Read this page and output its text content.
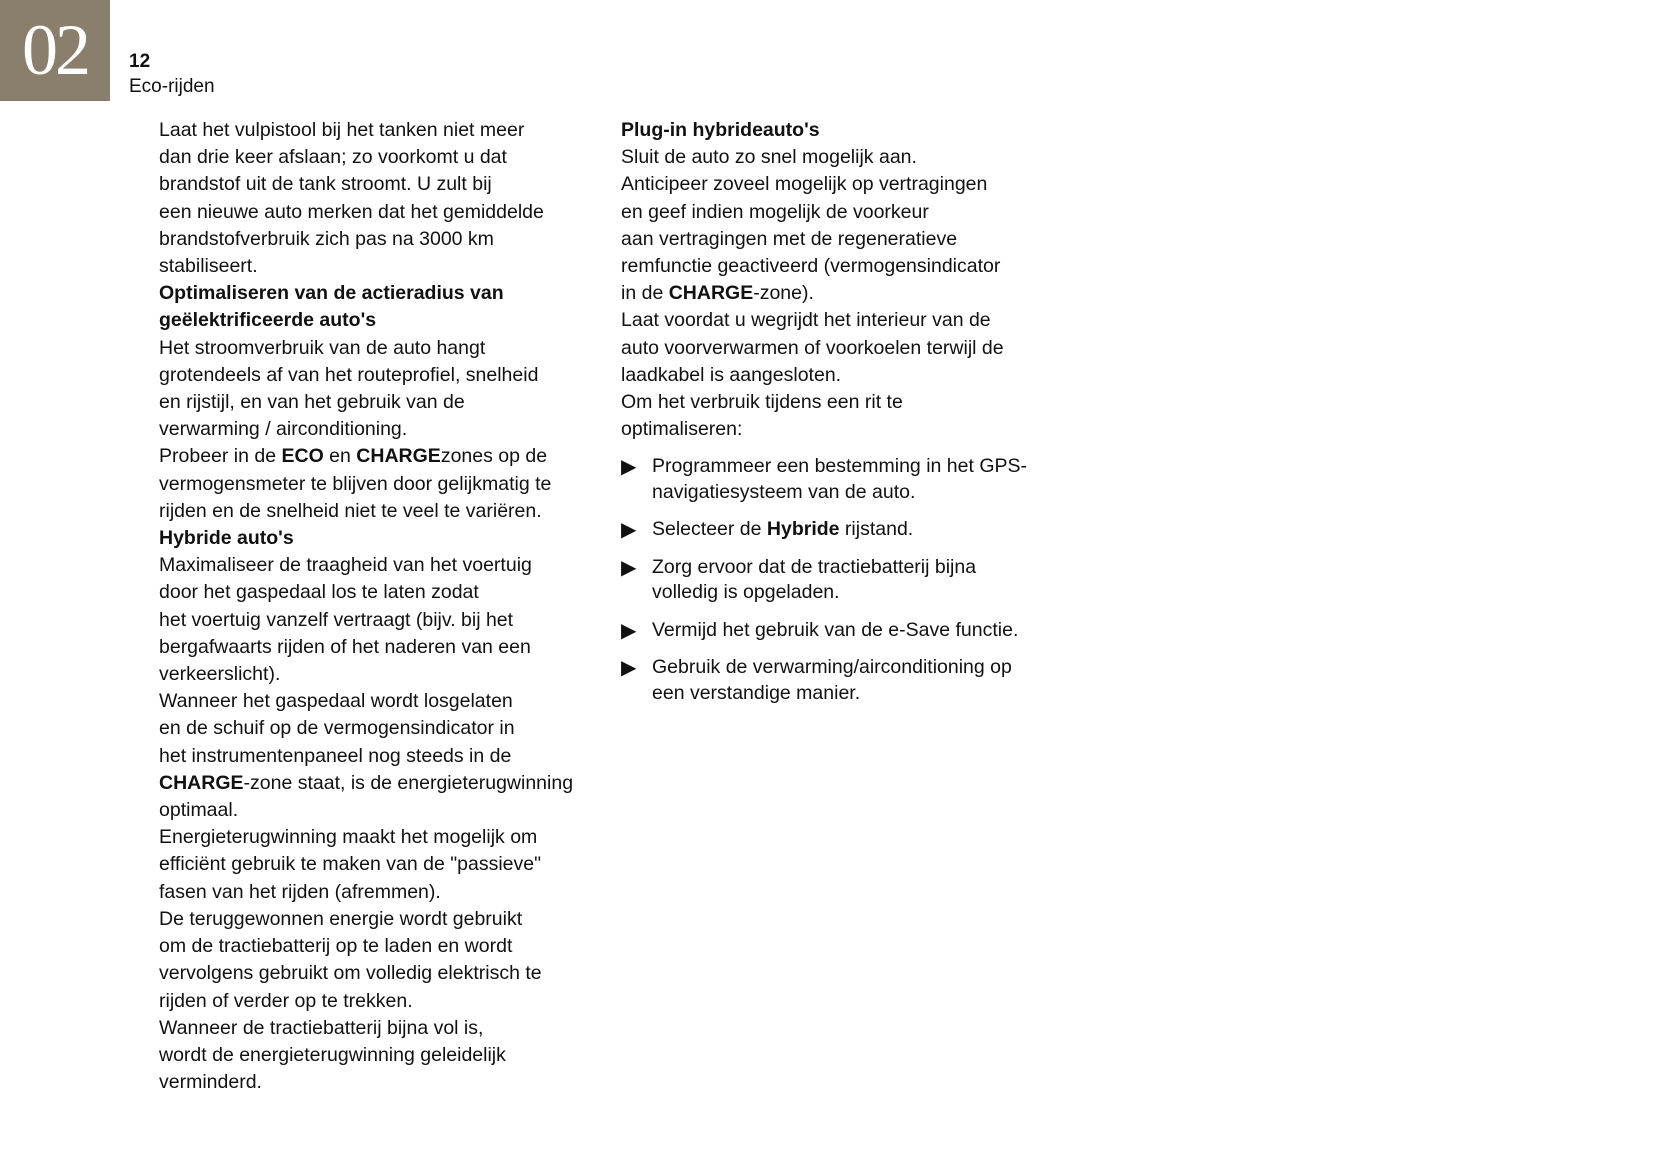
02	12
Eco-rijden

Laat het vulpistool bij het tanken niet meer
dan drie keer afslaan; zo voorkomt u dat
brandstof uit de tank stroomt. U zult bij
een nieuwe auto merken dat het gemiddelde
brandstofverbruik zich pas na 3000 km
stabiliseert.

Optimaliseren van de actieradius van
geëlektrificeerde auto's

Het stroomverbruik van de auto hangt
grotendeels af van het routeprofiel, snelheid
en rijstijl, en van het gebruik van de
verwarming / airconditioning.

Probeer in de ECO en CHARGEzones op de
vermogensmeter te blijven door gelijkmatig te
rijden en de snelheid niet te veel te variëren.

Hybride auto's

Maximaliseer de traagheid van het voertuig
door het gaspedaal los te laten zodat
het voertuig vanzelf vertraagt (bijv. bij het
bergafwaarts rijden of het naderen van een
verkeerslicht).

Wanneer het gaspedaal wordt losgelaten
en de schuif op de vermogensindicator in
het instrumentenpaneel nog steeds in de
CHARGE-zone staat, is de energieterugwinning
optimaal.

Energieterugwinning maakt het mogelijk om
efficiënt gebruik te maken van de "passieve"
fasen van het rijden (afremmen).

De teruggewonnen energie wordt gebruikt
om de tractiebatterij op te laden en wordt
vervolgens gebruikt om volledig elektrisch te
rijden of verder op te trekken.

Wanneer de tractiebatterij bijna vol is,
wordt de energieterugwinning geleidelijk
verminderd.

Plug-in hybrideauto's

Sluit de auto zo snel mogelijk aan.

Anticipeer zoveel mogelijk op vertragingen
en geef indien mogelijk de voorkeur
aan vertragingen met de regeneratieve
remfunctie geactiveerd (vermogensindicator
in de CHARGE-zone).

Laat voordat u wegrijdt het interieur van de
auto voorverwarmen of voorkoelen terwijl de
laadkabel is aangesloten.

Om het verbruik tijdens een rit te
optimaliseren:

▶ Programmeer een bestemming in het GPS-
navigatiesysteem van de auto.
▶ Selecteer de Hybride rijstand.
▶ Zorg ervoor dat de tractiebatterij bijna
volledig is opgeladen.
▶ Vermijd het gebruik van de e-Save functie.
▶ Gebruik de verwarming/airconditioning op
een verstandige manier.
